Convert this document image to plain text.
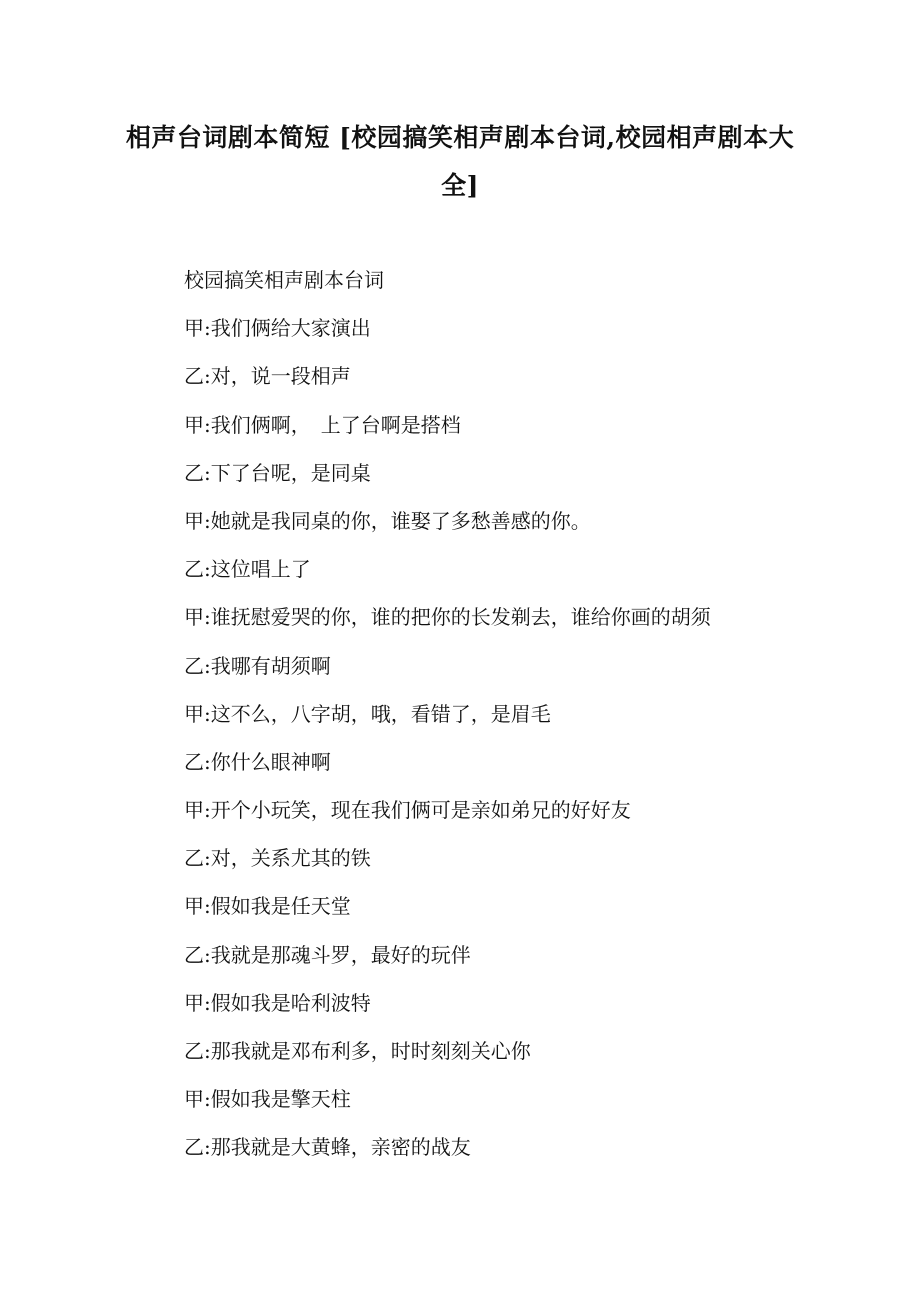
相声台词剧本简短 [校园搞笑相声剧本台词,校园相声剧本大全]
校园搞笑相声剧本台词
甲:我们俩给大家演出
乙:对，说一段相声
甲:我们俩啊，　上了台啊是搭档
乙:下了台呢，是同桌
甲:她就是我同桌的你，谁娶了多愁善感的你。
乙:这位唱上了
甲:谁抚慰爱哭的你，谁的把你的长发剃去，谁给你画的胡须
乙:我哪有胡须啊
甲:这不么，八字胡，哦，看错了，是眉毛
乙:你什么眼神啊
甲:开个小玩笑，现在我们俩可是亲如弟兄的好好友
乙:对，关系尤其的铁
甲:假如我是任天堂
乙:我就是那魂斗罗，最好的玩伴
甲:假如我是哈利波特
乙:那我就是邓布利多，时时刻刻关心你
甲:假如我是擎天柱
乙:那我就是大黄蜂，亲密的战友
